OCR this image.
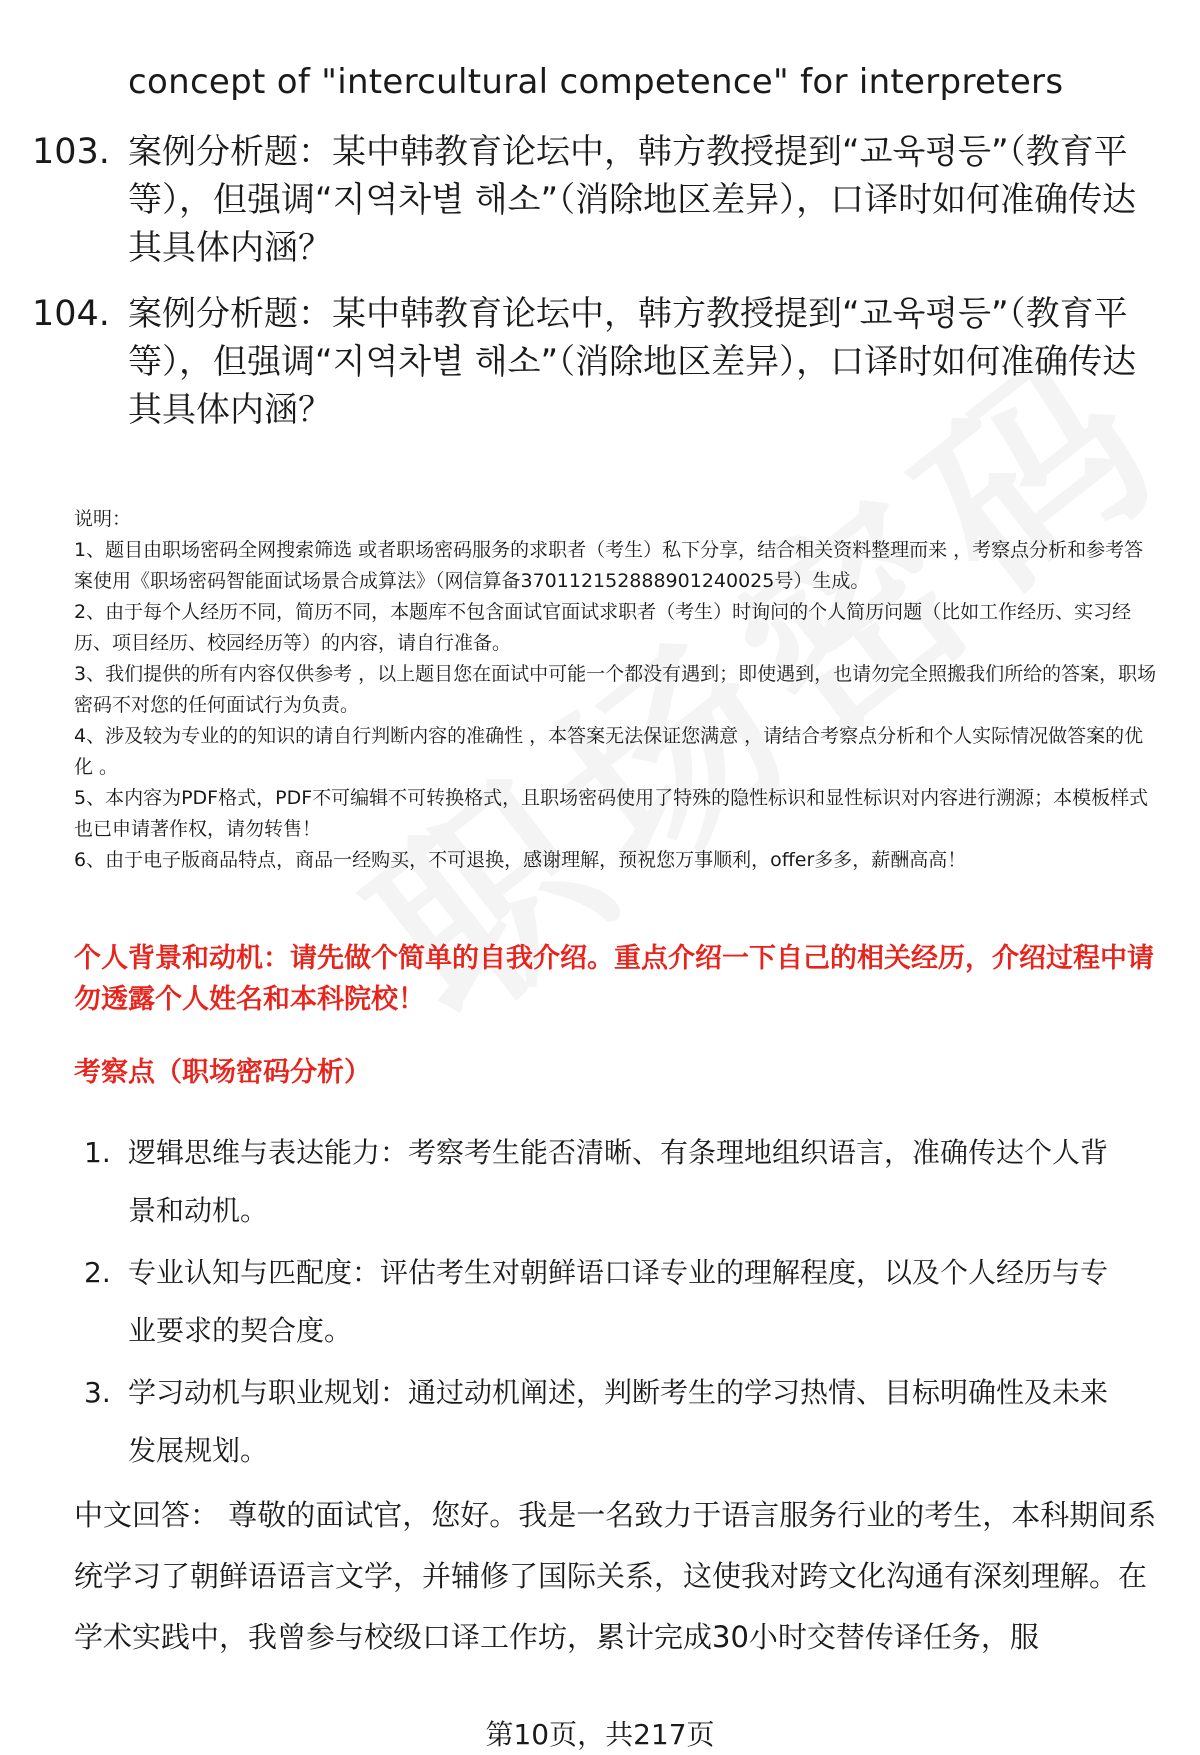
concept of "intercultural competence" for interpreters
103. 案例分析题：某中韩教育论坛中，韩方教授提到“교육평등”（教育平等），但强调“지역차별 해소”（消除地区差异），口译时如何准确传达其具体内涵？
104. 案例分析题：某中韩教育论坛中，韩方教授提到“교육평등”（教育平等），但强调“지역차별 해소”（消除地区差异），口译时如何准确传达其具体内涵？
说明：
1、题目由职场密码全网搜索筛选 或者职场密码服务的求职者（考生）私下分享，结合相关资料整理而来 ，考察点分析和参考答案使用《职场密码智能面试场景合成算法》（网信算备370112152888901240025号）生成。
2、由于每个人经历不同，简历不同，本题库不包含面试官面试求职者（考生）时询问的个人简历问题（比如工作经历、实习经历、项目经历、校园经历等）的内容，请自行准备。
3、我们提供的所有内容仅供参考 ，以上题目您在面试中可能一个都没有遇到；即使遇到，也请勿完全照搬我们所给的答案，职场密码不对您的任何面试行为负责。
4、涉及较为专业的的知识的请自行判断内容的准确性 ，本答案无法保证您满意 ，请结合考察点分析和个人实际情况做答案的优化 。
5、本内容为PDF格式，PDF不可编辑不可转换格式，且职场密码使用了特殊的隐性标识和显性标识对内容进行溯源；本模板样式也已申请著作权，请勿转售！
6、由于电子版商品特点，商品一经购买，不可退换，感谢理解，预祝您万事顺利，offer多多，薪酬高高！
个人背景和动机：请先做个简单的自我介绍。重点介绍一下自己的相关经历，介绍过程中请勿透露个人姓名和本科院校！
考察点（职场密码分析）
1. 逻辑思维与表达能力：考察考生能否清晰、有条理地组织语言，准确传达个人背景和动机。
2. 专业认知与匹配度：评估考生对朝鲜语口译专业的理解程度，以及个人经历与专业要求的契合度。
3. 学习动机与职业规划：通过动机阐述，判断考生的学习热情、目标明确性及未来发展规划。
中文回答： 尊敬的面试官，您好。我是一名致力于语言服务行业的考生，本科期间系统学习了朝鲜语语言文学，并辅修了国际关系，这使我对跨文化沟通有深刻理解。在学术实践中，我曾参与校级口译工作坊，累计完成30小时交替传译任务，服
第10页，共217页
